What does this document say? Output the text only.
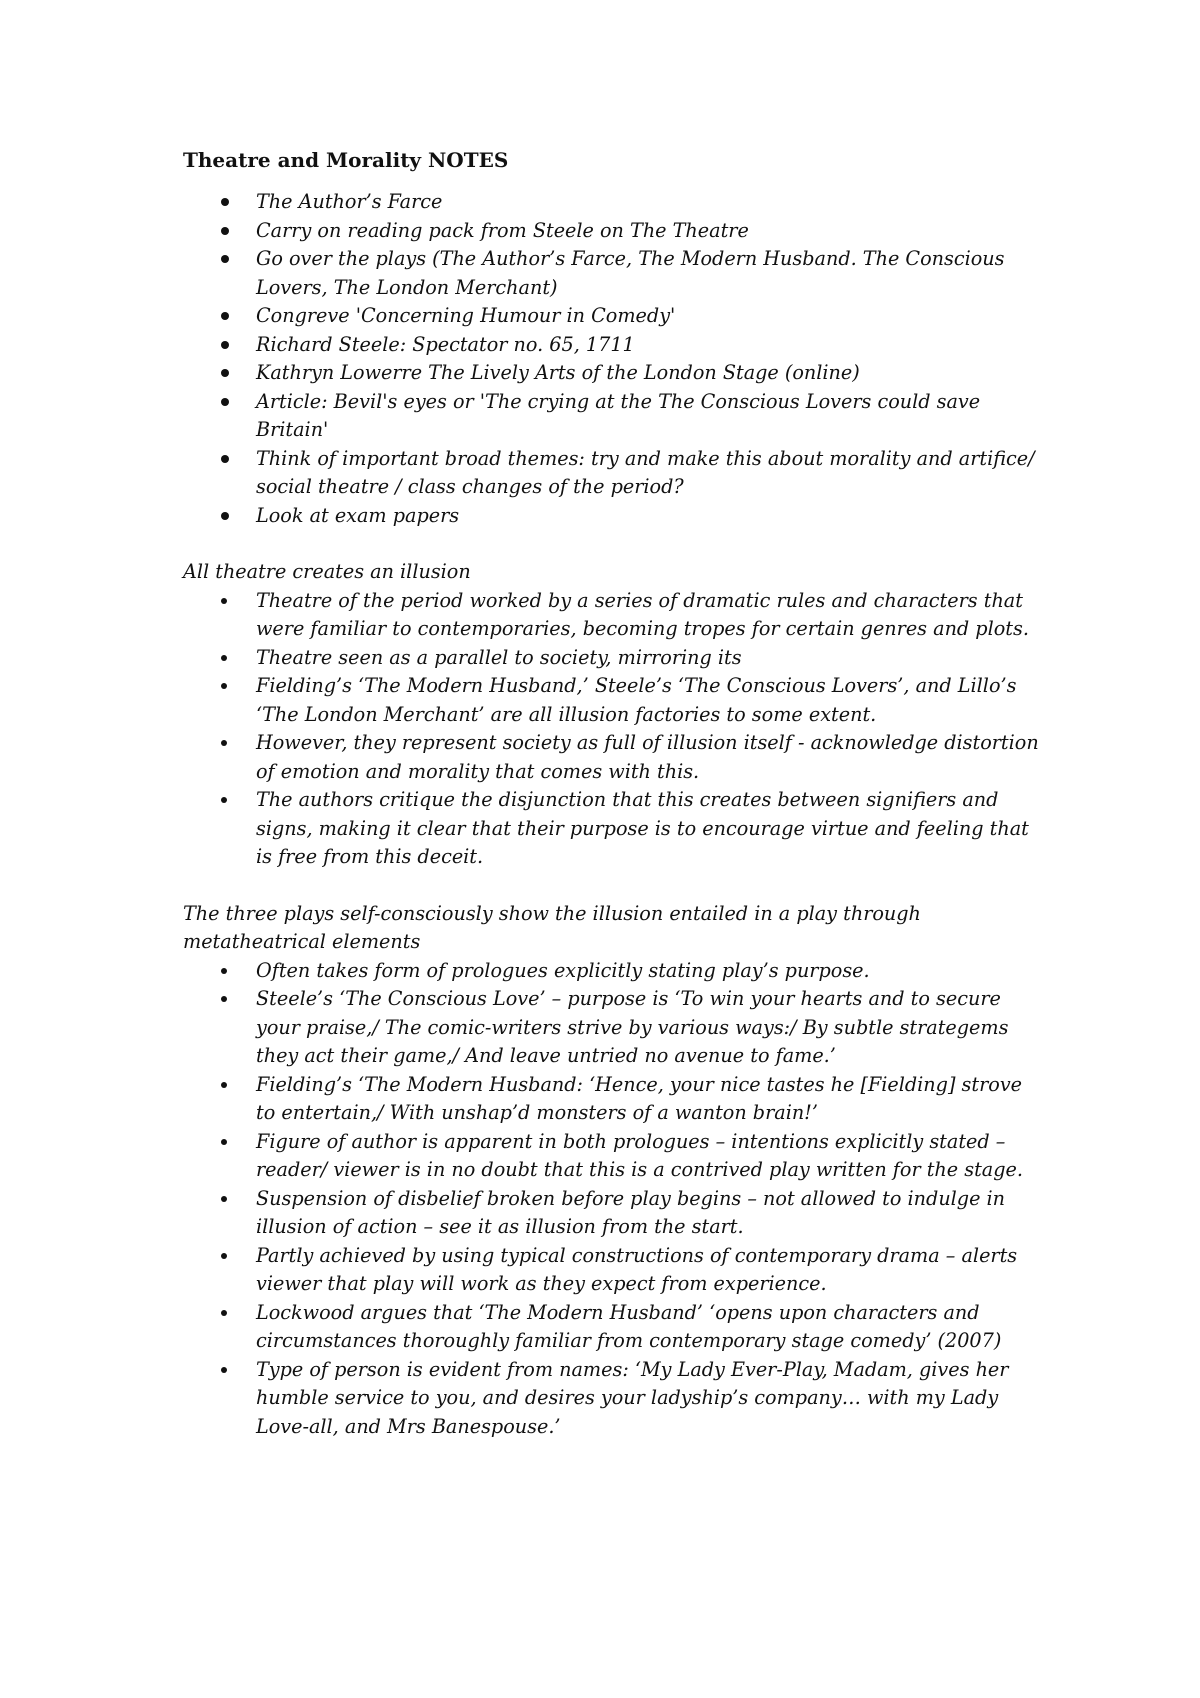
Theatre and Morality NOTES
The Author’s Farce
Carry on reading pack from Steele on The Theatre
Go over the plays (The Author’s Farce, The Modern Husband. The Conscious Lovers, The London Merchant)
Congreve 'Concerning Humour in Comedy'
Richard Steele: Spectator no. 65, 1711
Kathryn Lowerre The Lively Arts of the London Stage (online)
Article: Bevil's eyes or 'The crying at the The Conscious Lovers could save Britain'
Think of important broad themes: try and make this about morality and artifice/ social theatre / class changes of the period?
Look at exam papers
All theatre creates an illusion
Theatre of the period worked by a series of dramatic rules and characters that were familiar to contemporaries, becoming tropes for certain genres and plots.
Theatre seen as a parallel to society, mirroring its
Fielding’s ‘The Modern Husband,’ Steele’s ‘The Conscious Lovers’, and Lillo’s ‘The London Merchant’ are all illusion factories to some extent.
However, they represent society as full of illusion itself - acknowledge distortion of emotion and morality that comes with this.
The authors critique the disjunction that this creates between signifiers and signs, making it clear that their purpose is to encourage virtue and feeling that is free from this deceit.
The three plays self-consciously show the illusion entailed in a play through metatheatrical elements
Often takes form of prologues explicitly stating play’s purpose.
Steele’s ‘The Conscious Love’ – purpose is ‘To win your hearts and to secure your praise,/ The comic-writers strive by various ways:/ By subtle strategems they act their game,/ And leave untried no avenue to fame.’
Fielding’s ‘The Modern Husband: ‘Hence, your nice tastes he [Fielding] strove to entertain,/ With unshap’d monsters of a wanton brain!’
Figure of author is apparent in both prologues – intentions explicitly stated – reader/ viewer is in no doubt that this is a contrived play written for the stage.
Suspension of disbelief broken before play begins – not allowed to indulge in illusion of action – see it as illusion from the start.
Partly achieved by using typical constructions of contemporary drama – alerts viewer that play will work as they expect from experience.
Lockwood argues that ‘The Modern Husband’ ‘opens upon characters and circumstances thoroughly familiar from contemporary stage comedy’ (2007)
Type of person is evident from names: ‘My Lady Ever-Play, Madam, gives her humble service to you, and desires your ladyship’s company… with my Lady Love-all, and Mrs Banespouse.’
